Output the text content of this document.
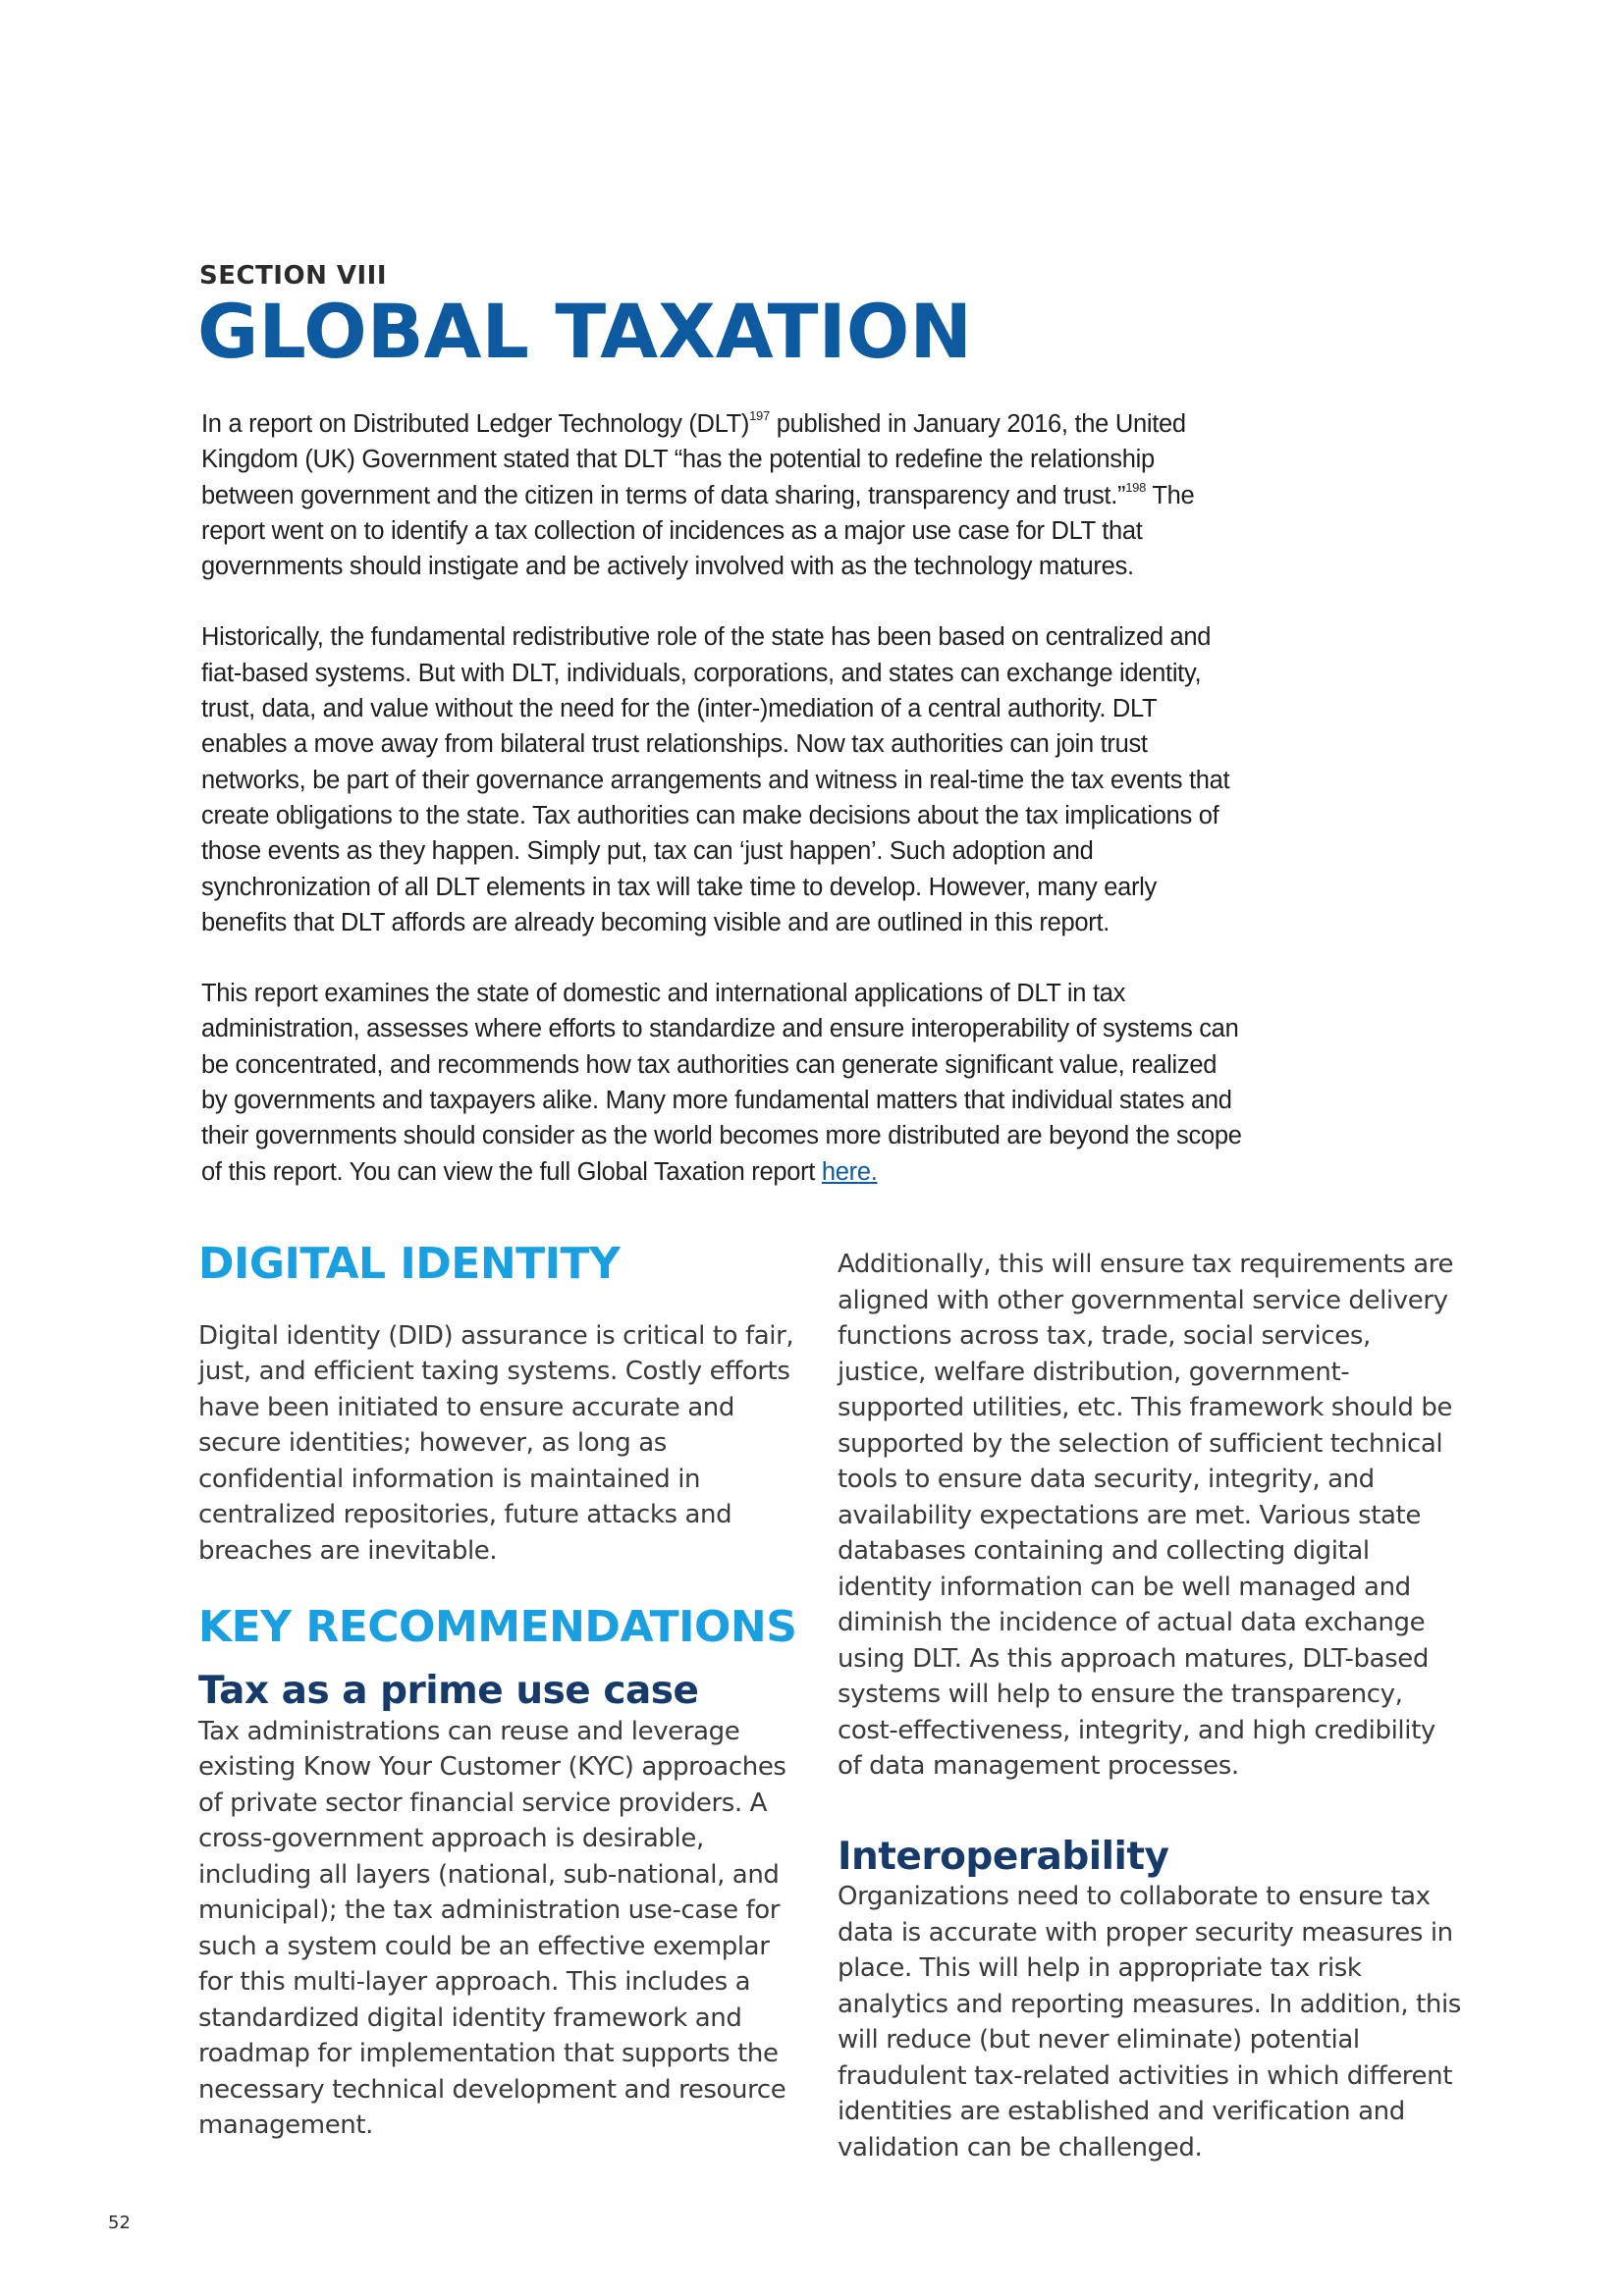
SECTION VIII
GLOBAL TAXATION

In a report on Distributed Ledger Technology (DLT)$^{197}$ published in January 2016, the United Kingdom (UK) Government stated that DLT “has the potential to redefine the relationship between government and the citizen in terms of data sharing, transparency and trust.”$^{198}$ The report went on to identify a tax collection of incidences as a major use case for DLT that governments should instigate and be actively involved with as the technology matures.

Historically, the fundamental redistributive role of the state has been based on centralized and fiat-based systems. But with DLT, individuals, corporations, and states can exchange identity, trust, data, and value without the need for the (inter-)mediation of a central authority. DLT enables a move away from bilateral trust relationships. Now tax authorities can join trust networks, be part of their governance arrangements and witness in real-time the tax events that create obligations to the state. Tax authorities can make decisions about the tax implications of those events as they happen. Simply put, tax can ‘just happen’. Such adoption and synchronization of all DLT elements in tax will take time to develop. However, many early benefits that DLT affords are already becoming visible and are outlined in this report.

This report examines the state of domestic and international applications of DLT in tax administration, assesses where efforts to standardize and ensure interoperability of systems can be concentrated, and recommends how tax authorities can generate significant value, realized by governments and taxpayers alike. Many more fundamental matters that individual states and their governments should consider as the world becomes more distributed are beyond the scope of this report. You can view the full Global Taxation report here.

DIGITAL IDENTITY

Digital identity (DID) assurance is critical to fair, just, and efficient taxing systems. Costly efforts have been initiated to ensure accurate and secure identities; however, as long as confidential information is maintained in centralized repositories, future attacks and breaches are inevitable.

KEY RECOMMENDATIONS
Tax as a prime use case

Tax administrations can reuse and leverage existing Know Your Customer (KYC) approaches of private sector financial service providers. A cross-government approach is desirable, including all layers (national, sub-national, and municipal); the tax administration use-case for such a system could be an effective exemplar for this multi-layer approach. This includes a standardized digital identity framework and roadmap for implementation that supports the necessary technical development and resource management.

Additionally, this will ensure tax requirements are aligned with other governmental service delivery functions across tax, trade, social services, justice, welfare distribution, government-supported utilities, etc. This framework should be supported by the selection of sufficient technical tools to ensure data security, integrity, and availability expectations are met. Various state databases containing and collecting digital identity information can be well managed and diminish the incidence of actual data exchange using DLT. As this approach matures, DLT-based systems will help to ensure the transparency, cost-effectiveness, integrity, and high credibility of data management processes.

Interoperability

Organizations need to collaborate to ensure tax data is accurate with proper security measures in place. This will help in appropriate tax risk analytics and reporting measures. In addition, this will reduce (but never eliminate) potential fraudulent tax-related activities in which different identities are established and verification and validation can be challenged.

52
